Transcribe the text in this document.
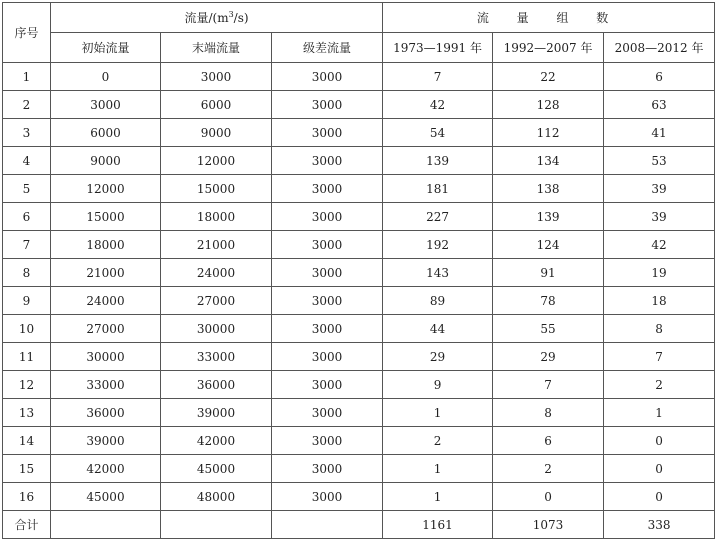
序号	流量$/(m^3/s)$			流 量 组 数		
	初始流量	末端流量	级差流量	1973—1991 年	1992—2007 年	2008—2012 年
1	0	3000	3000	7	22	6
2	3000	6000	3000	42	128	63
3	6000	9000	3000	54	112	41
4	9000	12000	3000	139	134	53
5	12000	15000	3000	181	138	39
6	15000	18000	3000	227	139	39
7	18000	21000	3000	192	124	42
8	21000	24000	3000	143	91	19
9	24000	27000	3000	89	78	18
10	27000	30000	3000	44	55	8
11	30000	33000	3000	29	29	7
12	33000	36000	3000	9	7	2
13	36000	39000	3000	1	8	1
14	39000	42000	3000	2	6	0
15	42000	45000	3000	1	2	0
16	45000	48000	3000	1	0	0
合计				1161	1073	338
